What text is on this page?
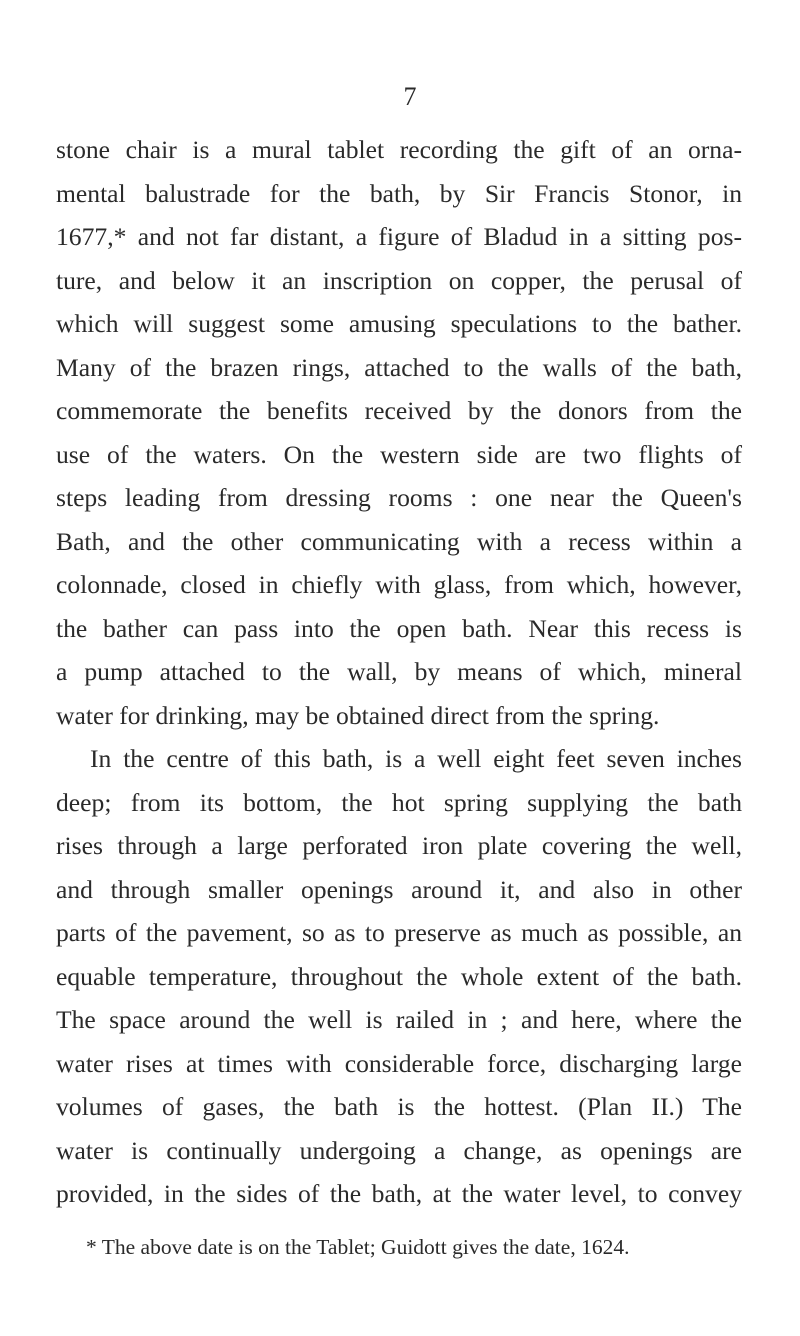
7
stone chair is a mural tablet recording the gift of an orna-
mental balustrade for the bath, by Sir Francis Stonor, in
1677,* and not far distant, a figure of Bladud in a sitting pos-
ture, and below it an inscription on copper, the perusal of
which will suggest some amusing speculations to the bather.
Many of the brazen rings, attached to the walls of the bath,
commemorate the benefits received by the donors from the
use of the waters. On the western side are two flights of
steps leading from dressing rooms : one near the Queen's
Bath, and the other communicating with a recess within a
colonnade, closed in chiefly with glass, from which, however,
the bather can pass into the open bath. Near this recess is
a pump attached to the wall, by means of which, mineral
water for drinking, may be obtained direct from the spring.
In the centre of this bath, is a well eight feet seven inches
deep; from its bottom, the hot spring supplying the bath
rises through a large perforated iron plate covering the well,
and through smaller openings around it, and also in other
parts of the pavement, so as to preserve as much as possible, an
equable temperature, throughout the whole extent of the bath.
The space around the well is railed in ; and here, where the
water rises at times with considerable force, discharging large
volumes of gases, the bath is the hottest. (Plan II.) The
water is continually undergoing a change, as openings are
provided, in the sides of the bath, at the water level, to convey
* The above date is on the Tablet; Guidott gives the date, 1624.
